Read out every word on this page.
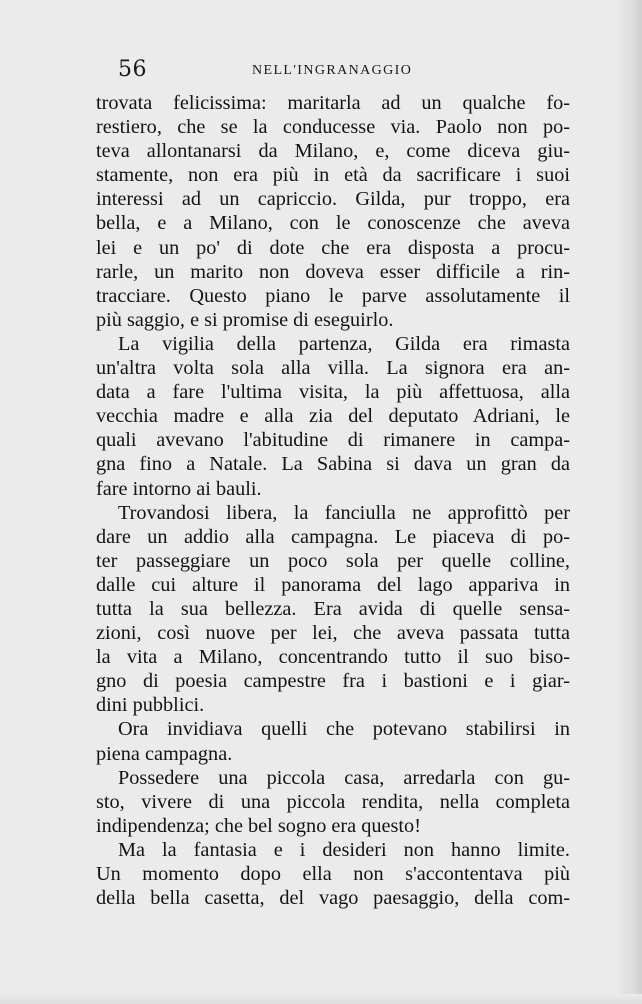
56	NELL'INGRANAGGIO
trovata felicissima: maritarla ad un qualche fo-
restiero, che se la conducesse via. Paolo non po-
teva allontanarsi da Milano, e, come diceva giu-
stamente, non era più in età da sacrificare i suoi
interessi ad un capriccio. Gilda, pur troppo, era
bella, e a Milano, con le conoscenze che aveva
lei e un po' di dote che era disposta a procu-
rarle, un marito non doveva esser difficile a rin-
tracciare. Questo piano le parve assolutamente il
più saggio, e si promise di eseguirlo.
La vigilia della partenza, Gilda era rimasta
un'altra volta sola alla villa. La signora era an-
data a fare l'ultima visita, la più affettuosa, alla
vecchia madre e alla zia del deputato Adriani, le
quali avevano l'abitudine di rimanere in campa-
gna fino a Natale. La Sabina si dava un gran da
fare intorno ai bauli.
Trovandosi libera, la fanciulla ne approfittò per
dare un addio alla campagna. Le piaceva di po-
ter passeggiare un poco sola per quelle colline,
dalle cui alture il panorama del lago appariva in
tutta la sua bellezza. Era avida di quelle sensa-
zioni, così nuove per lei, che aveva passata tutta
la vita a Milano, concentrando tutto il suo biso-
gno di poesia campestre fra i bastioni e i giar-
dini pubblici.
Ora invidiava quelli che potevano stabilirsi in
piena campagna.
Possedere una piccola casa, arredarla con gu-
sto, vivere di una piccola rendita, nella completa
indipendenza; che bel sogno era questo!
Ma la fantasia e i desideri non hanno limite.
Un momento dopo ella non s'accontentava più
della bella casetta, del vago paesaggio, della com-
